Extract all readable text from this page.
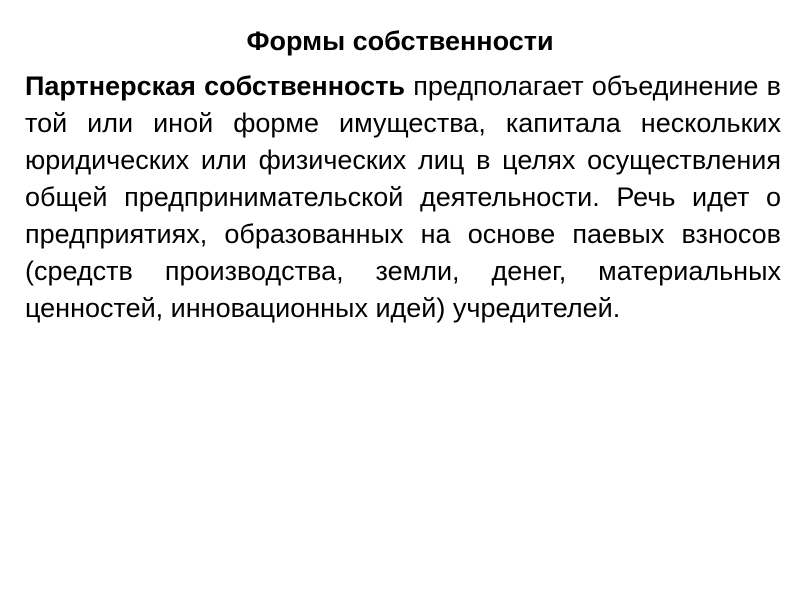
Формы собственности

Партнерская собственность предполагает объединение в той или иной форме имущества, капитала нескольких юридических или физических лиц в целях осуществления общей предпринимательской деятельности. Речь идет о предприятиях, образованных на основе паевых взносов (средств производства, земли, денег, материальных ценностей, инновационных идей) учредителей.
